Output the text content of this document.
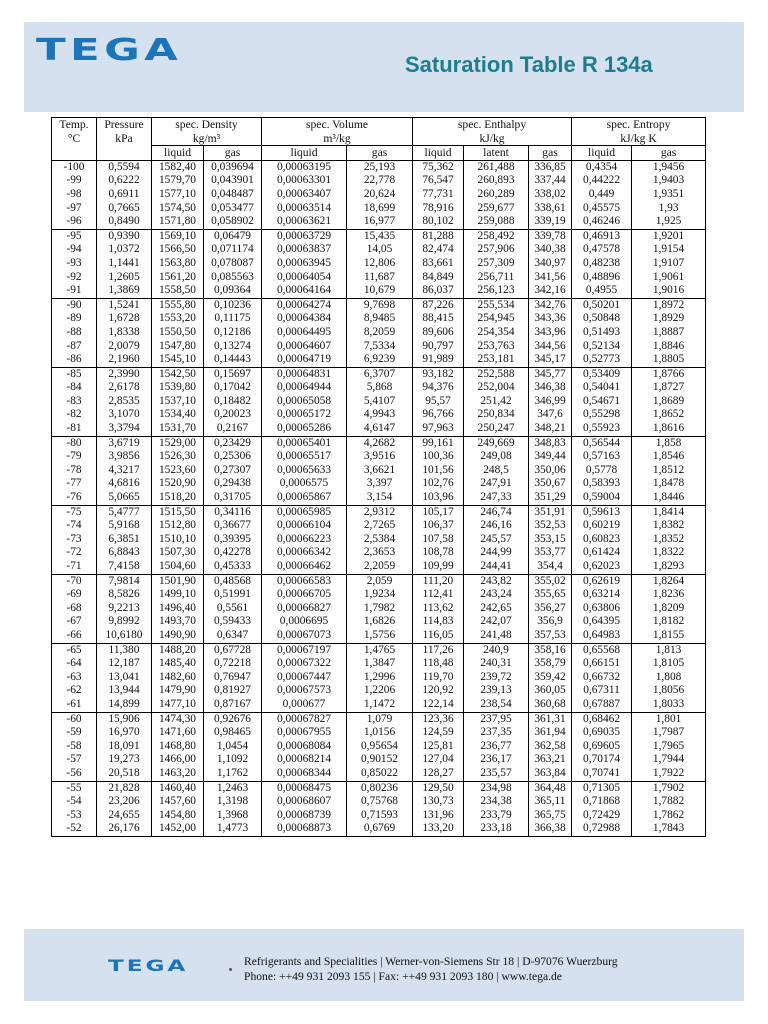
TEGA	Saturation Table R 134a
Temp.	Pressure	spec. Density		spec. Volume		spec. Enthalpy			spec. Entropy	
°C	kPa	kg/m³		m³/kg		kJ/kg			kJ/kg K	
		liquid	gas	liquid	gas	liquid	latent	gas	liquid	gas
-100	0,5594	1582,40	0,039694	0,00063195	25,193	75,362	261,488	336,85	0,4354	1,9456
-99	0,6222	1579,70	0,043901	0,00063301	22,778	76,547	260,893	337,44	0,44222	1,9403
-98	0,6911	1577,10	0,048487	0,00063407	20,624	77,731	260,289	338,02	0,449	1,9351
-97	0,7665	1574,50	0,053477	0,00063514	18,699	78,916	259,677	338,61	0,45575	1,93
-96	0,8490	1571,80	0,058902	0,00063621	16,977	80,102	259,088	339,19	0,46246	1,925
-95	0,9390	1569,10	0,06479	0,00063729	15,435	81,288	258,492	339,78	0,46913	1,9201
-94	1,0372	1566,50	0,071174	0,00063837	14,05	82,474	257,906	340,38	0,47578	1,9154
-93	1,1441	1563,80	0,078087	0,00063945	12,806	83,661	257,309	340,97	0,48238	1,9107
-92	1,2605	1561,20	0,085563	0,00064054	11,687	84,849	256,711	341,56	0,48896	1,9061
-91	1,3869	1558,50	0,09364	0,00064164	10,679	86,037	256,123	342,16	0,4955	1,9016
-90	1,5241	1555,80	0,10236	0,00064274	9,7698	87,226	255,534	342,76	0,50201	1,8972
-89	1,6728	1553,20	0,11175	0,00064384	8,9485	88,415	254,945	343,36	0,50848	1,8929
-88	1,8338	1550,50	0,12186	0,00064495	8,2059	89,606	254,354	343,96	0,51493	1,8887
-87	2,0079	1547,80	0,13274	0,00064607	7,5334	90,797	253,763	344,56	0,52134	1,8846
-86	2,1960	1545,10	0,14443	0,00064719	6,9239	91,989	253,181	345,17	0,52773	1,8805
-85	2,3990	1542,50	0,15697	0,00064831	6,3707	93,182	252,588	345,77	0,53409	1,8766
-84	2,6178	1539,80	0,17042	0,00064944	5,868	94,376	252,004	346,38	0,54041	1,8727
-83	2,8535	1537,10	0,18482	0,00065058	5,4107	95,57	251,42	346,99	0,54671	1,8689
-82	3,1070	1534,40	0,20023	0,00065172	4,9943	96,766	250,834	347,6	0,55298	1,8652
-81	3,3794	1531,70	0,2167	0,00065286	4,6147	97,963	250,247	348,21	0,55923	1,8616
-80	3,6719	1529,00	0,23429	0,00065401	4,2682	99,161	249,669	348,83	0,56544	1,858
-79	3,9856	1526,30	0,25306	0,00065517	3,9516	100,36	249,08	349,44	0,57163	1,8546
-78	4,3217	1523,60	0,27307	0,00065633	3,6621	101,56	248,5	350,06	0,5778	1,8512
-77	4,6816	1520,90	0,29438	0,0006575	3,397	102,76	247,91	350,67	0,58393	1,8478
-76	5,0665	1518,20	0,31705	0,00065867	3,154	103,96	247,33	351,29	0,59004	1,8446
-75	5,4777	1515,50	0,34116	0,00065985	2,9312	105,17	246,74	351,91	0,59613	1,8414
-74	5,9168	1512,80	0,36677	0,00066104	2,7265	106,37	246,16	352,53	0,60219	1,8382
-73	6,3851	1510,10	0,39395	0,00066223	2,5384	107,58	245,57	353,15	0,60823	1,8352
-72	6,8843	1507,30	0,42278	0,00066342	2,3653	108,78	244,99	353,77	0,61424	1,8322
-71	7,4158	1504,60	0,45333	0,00066462	2,2059	109,99	244,41	354,4	0,62023	1,8293
-70	7,9814	1501,90	0,48568	0,00066583	2,059	111,20	243,82	355,02	0,62619	1,8264
-69	8,5826	1499,10	0,51991	0,00066705	1,9234	112,41	243,24	355,65	0,63214	1,8236
-68	9,2213	1496,40	0,5561	0,00066827	1,7982	113,62	242,65	356,27	0,63806	1,8209
-67	9,8992	1493,70	0,59433	0,0006695	1,6826	114,83	242,07	356,9	0,64395	1,8182
-66	10,6180	1490,90	0,6347	0,00067073	1,5756	116,05	241,48	357,53	0,64983	1,8155
-65	11,380	1488,20	0,67728	0,00067197	1,4765	117,26	240,9	358,16	0,65568	1,813
-64	12,187	1485,40	0,72218	0,00067322	1,3847	118,48	240,31	358,79	0,66151	1,8105
-63	13,041	1482,60	0,76947	0,00067447	1,2996	119,70	239,72	359,42	0,66732	1,808
-62	13,944	1479,90	0,81927	0,00067573	1,2206	120,92	239,13	360,05	0,67311	1,8056
-61	14,899	1477,10	0,87167	0,000677	1,1472	122,14	238,54	360,68	0,67887	1,8033
-60	15,906	1474,30	0,92676	0,00067827	1,079	123,36	237,95	361,31	0,68462	1,801
-59	16,970	1471,60	0,98465	0,00067955	1,0156	124,59	237,35	361,94	0,69035	1,7987
-58	18,091	1468,80	1,0454	0,00068084	0,95654	125,81	236,77	362,58	0,69605	1,7965
-57	19,273	1466,00	1,1092	0,00068214	0,90152	127,04	236,17	363,21	0,70174	1,7944
-56	20,518	1463,20	1,1762	0,00068344	0,85022	128,27	235,57	363,84	0,70741	1,7922
-55	21,828	1460,40	1,2463	0,00068475	0,80236	129,50	234,98	364,48	0,71305	1,7902
-54	23,206	1457,60	1,3198	0,00068607	0,75768	130,73	234,38	365,11	0,71868	1,7882
-53	24,655	1454,80	1,3968	0,00068739	0,71593	131,96	233,79	365,75	0,72429	1,7862
-52	26,176	1452,00	1,4773	0,00068873	0,6769	133,20	233,18	366,38	0,72988	1,7843
TEGA	Refrigerants and Specialities | Werner-von-Siemens Str 18 | D-97076 Wuerzburg
Phone: ++49 931 2093 155 | Fax: ++49 931 2093 180 | www.tega.de
